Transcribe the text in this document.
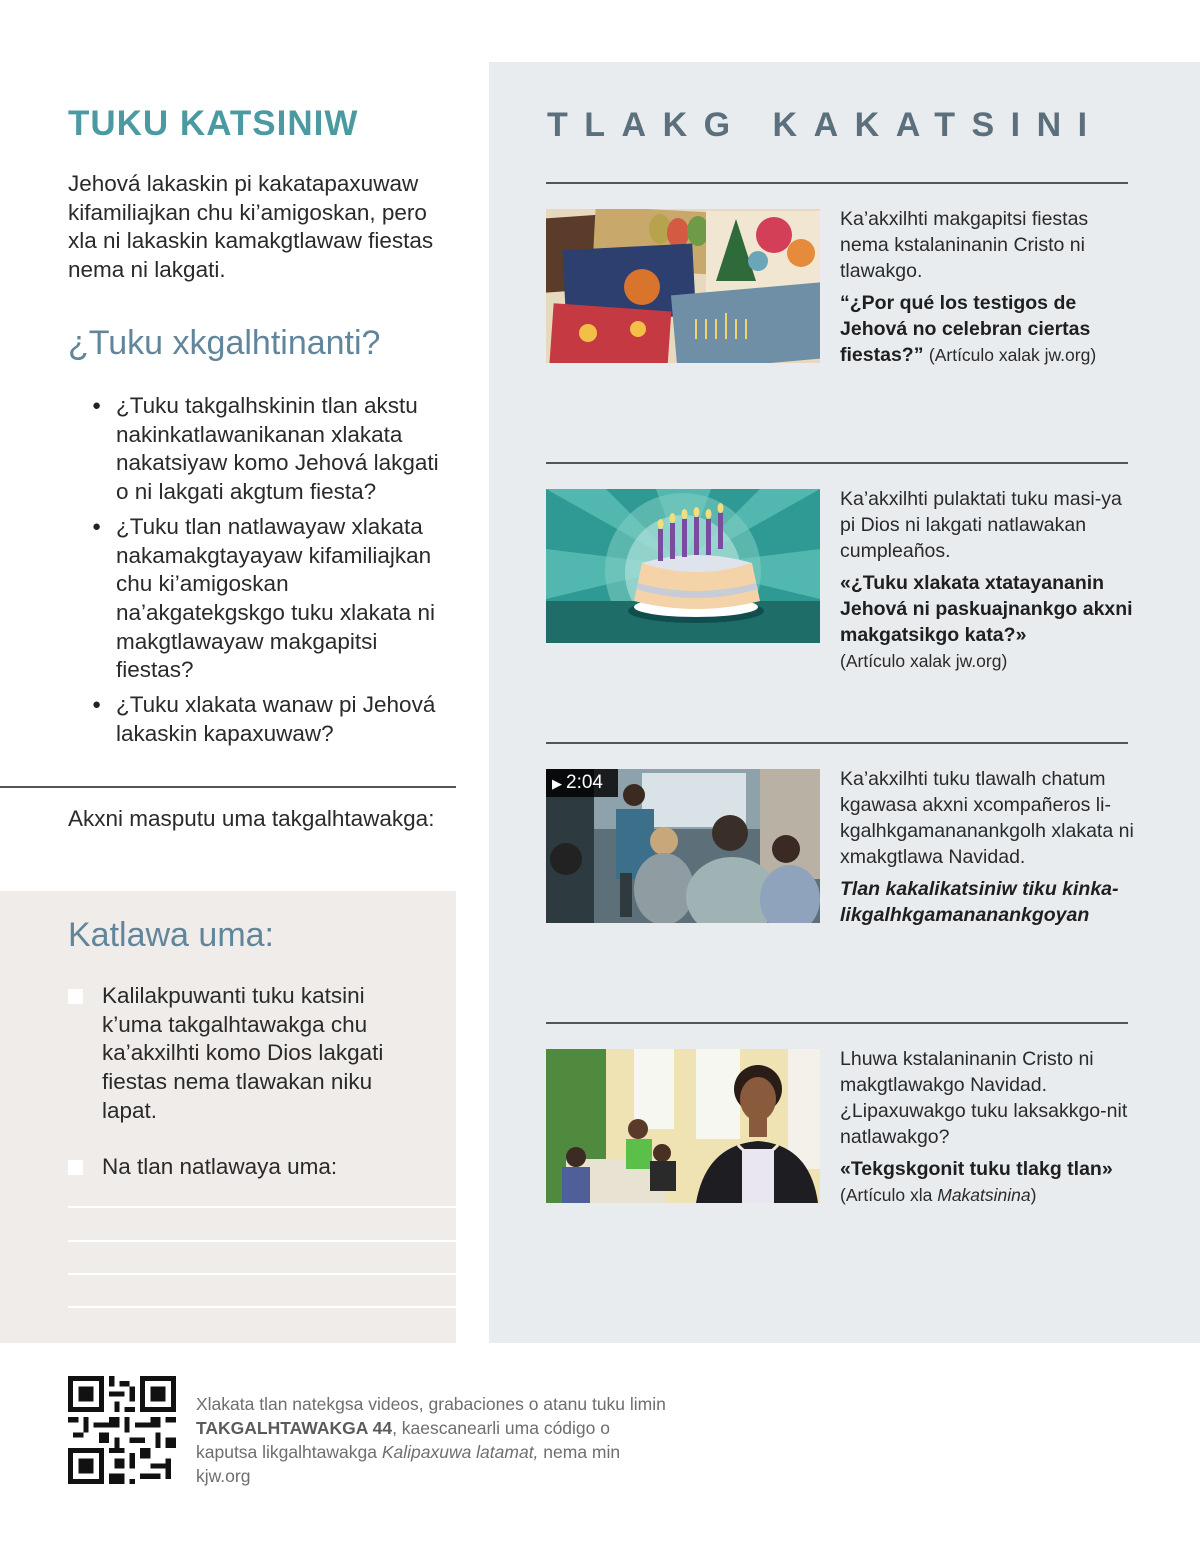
TUKU KATSINIW

Jehová lakaskin pi kakatapaxuwaw kifamiliajkan chu ki’amigoskan, pero xla ni lakaskin kamakgtlawaw fiestas nema ni lakgati.

¿Tuku xkgalhtinanti?
● ¿Tuku takgalhskinin tlan akstu nakinkatlawanikanan xlakata nakatsiyaw komo Jehová lakgati o ni lakgati akgtum fiesta?
● ¿Tuku tlan natlawayaw xlakata nakamakgtayayaw kifamiliajkan chu ki’amigoskan na’akgatekgskgo tuku xlakata ni makgtlawayaw makgapitsi fiestas?
● ¿Tuku xlakata wanaw pi Jehová lakaskin kapaxuwaw?
Akxni masputu uma takgalhtawakga:
Katlawa uma:
Kalilakpuwanti tuku katsini k’uma takgalhtawakga chu ka’akxilhti komo Dios lakgati fiestas nema tlawakan niku lapat.
Na tlan natlawaya uma:
TLAKG KAKATSINI
Ka’akxilhti makgapitsi fiestas nema kstalaninanin Cristo ni tlawakgo.
“¿Por qué los testigos de Jehová no celebran ciertas fiestas?” (Artículo xalak jw.org)
Ka’akxilhti pulaktati tuku masi-ya pi Dios ni lakgati natlawakan cumpleaños.
«¿Tuku xlakata xtatayananin Jehová ni paskuajnankgo akxni makgatsikgo kata?»
(Artículo xalak jw.org)
▶ 2:04	Ka’akxilhti tuku tlawalh chatum kgawasa akxni xcompañeros li-kgalhkgamananankgolh xlakata ni xmakgtlawa Navidad.
Tlan kakalikatsiniw tiku kinka-likgalhkgamananankgoyan
Lhuwa kstalaninanin Cristo ni makgtlawakgo Navidad. ¿Lipaxuwakgo tuku laksakkgo-nit natlawakgo?
«Tekgskgonit tuku tlakg tlan»
(Artículo xla Makatsinina)

Xlakata tlan natekgsa videos, grabaciones o atanu tuku limin TAKGALHTAWAKGA 44, kaescanearli uma código o kaputsa likgalhtawakga Kalipaxuwa latamat, nema min kjw.org
